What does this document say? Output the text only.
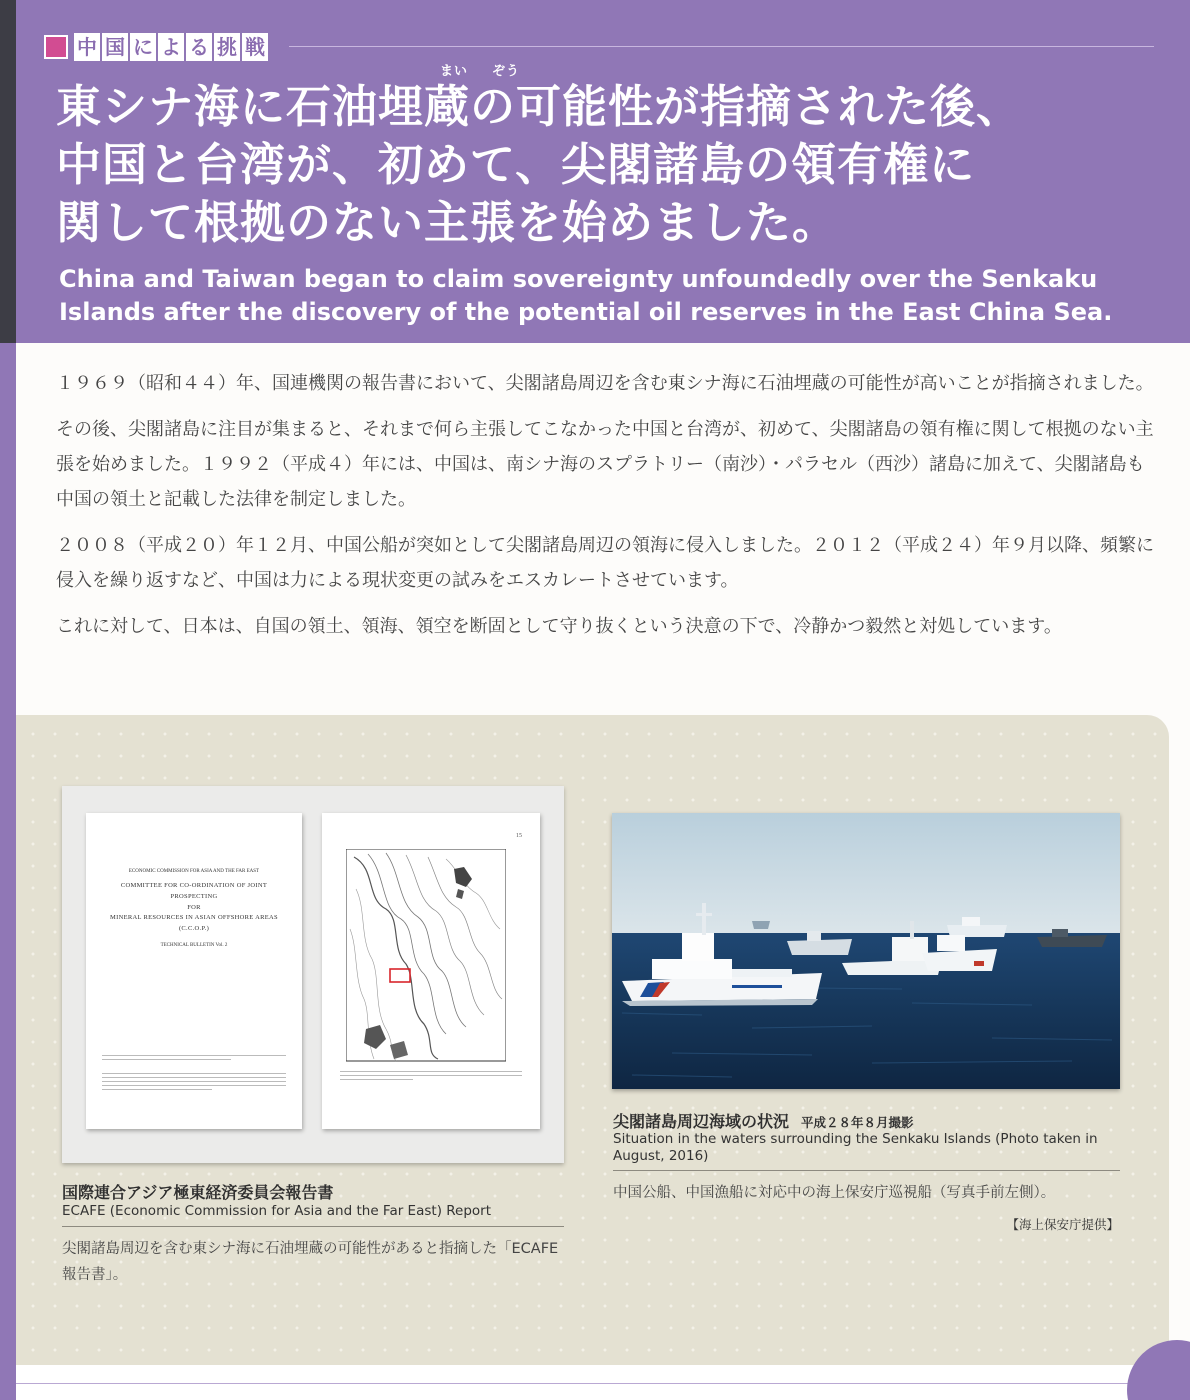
中 国 に よ る 挑 戦
まい ぞう
東シナ海に石油埋蔵の可能性が指摘された後、
中国と台湾が、初めて、尖閣諸島の領有権に
関して根拠のない主張を始めました。
China and Taiwan began to claim sovereignty unfoundedly over the Senkaku
Islands after the discovery of the potential oil reserves in the East China Sea.

１９６９（昭和４４）年、国連機関の報告書において、尖閣諸島周辺を含む東シナ海に石油埋蔵の可能性が高いことが指摘されました。

その後、尖閣諸島に注目が集まると、それまで何ら主張してこなかった中国と台湾が、初めて、尖閣諸島の領有権に関して根拠のない主張を始めました。１９９２（平成４）年には、中国は、南シナ海のスプラトリー（南沙）・パラセル（西沙）諸島に加えて、尖閣諸島も中国の領土と記載した法律を制定しました。

２００８（平成２０）年１２月、中国公船が突如として尖閣諸島周辺の領海に侵入しました。２０１２（平成２４）年９月以降、頻繁に侵入を繰り返すなど、中国は力による現状変更の試みをエスカレートさせています。

これに対して、日本は、自国の領土、領海、領空を断固として守り抜くという決意の下で、冷静かつ毅然と対処しています。

ECONOMIC COMMISSION FOR ASIA AND THE FAR EAST
COMMITTEE FOR CO-ORDINATION OF JOINT
PROSPECTING
FOR
MINERAL RESOURCES IN ASIAN OFFSHORE AREAS
(C.C.O.P.)
TECHNICAL BULLETIN Vol. 2
15
国際連合アジア極東経済委員会報告書
ECAFE (Economic Commission for Asia and the Far East) Report
尖閣諸島周辺を含む東シナ海に石油埋蔵の可能性があると指摘した「ECAFE報告書」。
尖閣諸島周辺海域の状況 平成２８年８月撮影
Situation in the waters surrounding the Senkaku Islands (Photo taken in August, 2016)
中国公船、中国漁船に対応中の海上保安庁巡視船（写真手前左側）。
【海上保安庁提供】
